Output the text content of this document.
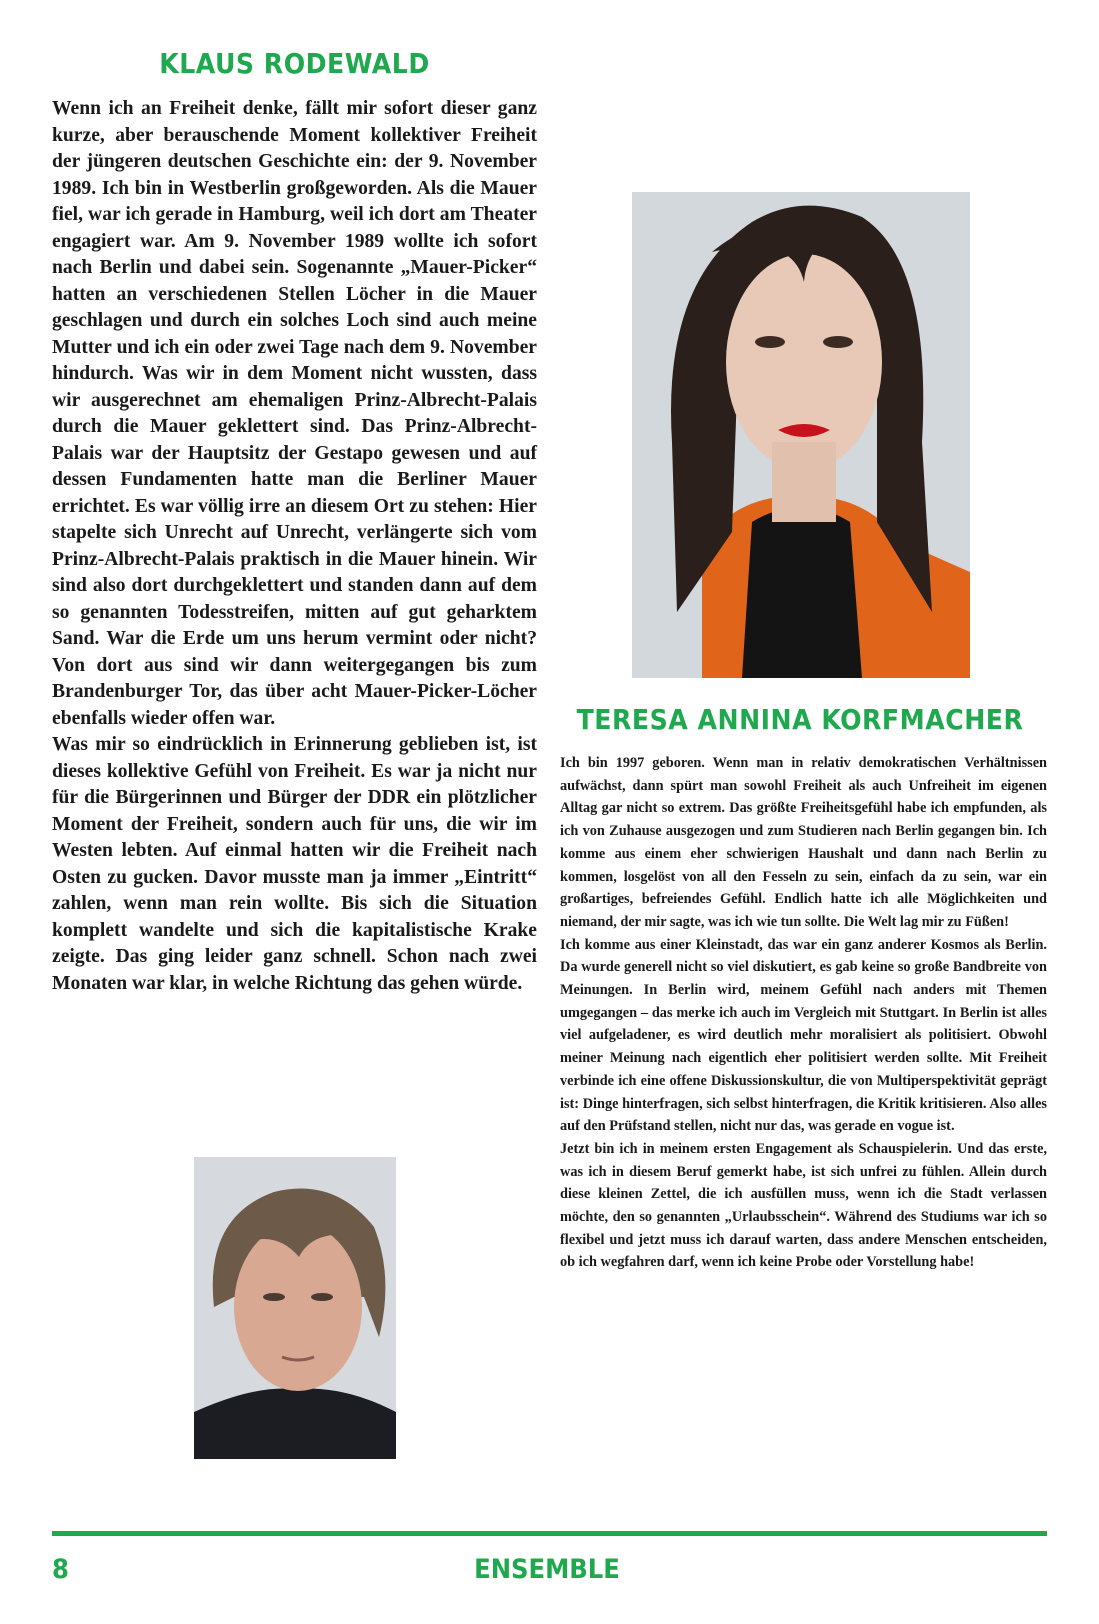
KLAUS RODEWALD

Wenn ich an Freiheit denke, fällt mir sofort dieser ganz kurze, aber berauschende Moment kollektiver Freiheit der jüngeren deutschen Geschichte ein: der 9. November 1989. Ich bin in Westberlin großgeworden. Als die Mauer fiel, war ich gerade in Hamburg, weil ich dort am Theater engagiert war. Am 9. November 1989 wollte ich sofort nach Berlin und dabei sein. Sogenannte „Mauer-Picker“ hatten an verschiedenen Stellen Löcher in die Mauer geschlagen und durch ein solches Loch sind auch meine Mutter und ich ein oder zwei Tage nach dem 9. November hindurch. Was wir in dem Moment nicht wussten, dass wir ausgerechnet am ehemaligen Prinz-Albrecht-Palais durch die Mauer geklettert sind. Das Prinz-Albrecht-Palais war der Hauptsitz der Gestapo gewesen und auf dessen Fundamenten hatte man die Berliner Mauer errichtet. Es war völlig irre an diesem Ort zu stehen: Hier stapelte sich Unrecht auf Unrecht, verlängerte sich vom Prinz-Albrecht-Palais praktisch in die Mauer hinein. Wir sind also dort durchgeklettert und standen dann auf dem so genannten Todesstreifen, mitten auf gut geharktem Sand. War die Erde um uns herum vermint oder nicht? Von dort aus sind wir dann weitergegangen bis zum Brandenburger Tor, das über acht Mauer-Picker-Löcher ebenfalls wieder offen war.

Was mir so eindrücklich in Erinnerung geblieben ist, ist dieses kollektive Gefühl von Freiheit. Es war ja nicht nur für die Bürgerinnen und Bürger der DDR ein plötzlicher Moment der Freiheit, sondern auch für uns, die wir im Westen lebten. Auf einmal hatten wir die Freiheit nach Osten zu gucken. Davor musste man ja immer „Eintritt“ zahlen, wenn man rein wollte. Bis sich die Situation komplett wandelte und sich die kapitalistische Krake zeigte. Das ging leider ganz schnell. Schon nach zwei Monaten war klar, in welche Richtung das gehen würde.

TERESA ANNINA KORFMACHER

Ich bin 1997 geboren. Wenn man in relativ demokratischen Verhältnissen aufwächst, dann spürt man sowohl Freiheit als auch Unfreiheit im eigenen Alltag gar nicht so extrem. Das größte Freiheitsgefühl habe ich empfunden, als ich von Zuhause ausgezogen und zum Studieren nach Berlin gegangen bin. Ich komme aus einem eher schwierigen Haushalt und dann nach Berlin zu kommen, losgelöst von all den Fesseln zu sein, einfach da zu sein, war ein großartiges, befreiendes Gefühl. Endlich hatte ich alle Möglichkeiten und niemand, der mir sagte, was ich wie tun sollte. Die Welt lag mir zu Füßen!

Ich komme aus einer Kleinstadt, das war ein ganz anderer Kosmos als Berlin. Da wurde generell nicht so viel diskutiert, es gab keine so große Bandbreite von Meinungen. In Berlin wird, meinem Gefühl nach anders mit Themen umgegangen – das merke ich auch im Vergleich mit Stuttgart. In Berlin ist alles viel aufgeladener, es wird deutlich mehr moralisiert als politisiert. Obwohl meiner Meinung nach eigentlich eher politisiert werden sollte. Mit Freiheit verbinde ich eine offene Diskussionskultur, die von Multiperspektivität geprägt ist: Dinge hinterfragen, sich selbst hinterfragen, die Kritik kritisieren. Also alles auf den Prüfstand stellen, nicht nur das, was gerade en vogue ist.

Jetzt bin ich in meinem ersten Engagement als Schauspielerin. Und das erste, was ich in diesem Beruf gemerkt habe, ist sich unfrei zu fühlen. Allein durch diese kleinen Zettel, die ich ausfüllen muss, wenn ich die Stadt verlassen möchte, den so genannten „Urlaubsschein“. Während des Studiums war ich so flexibel und jetzt muss ich darauf warten, dass andere Menschen entscheiden, ob ich wegfahren darf, wenn ich keine Probe oder Vorstellung habe!

8	ENSEMBLE
